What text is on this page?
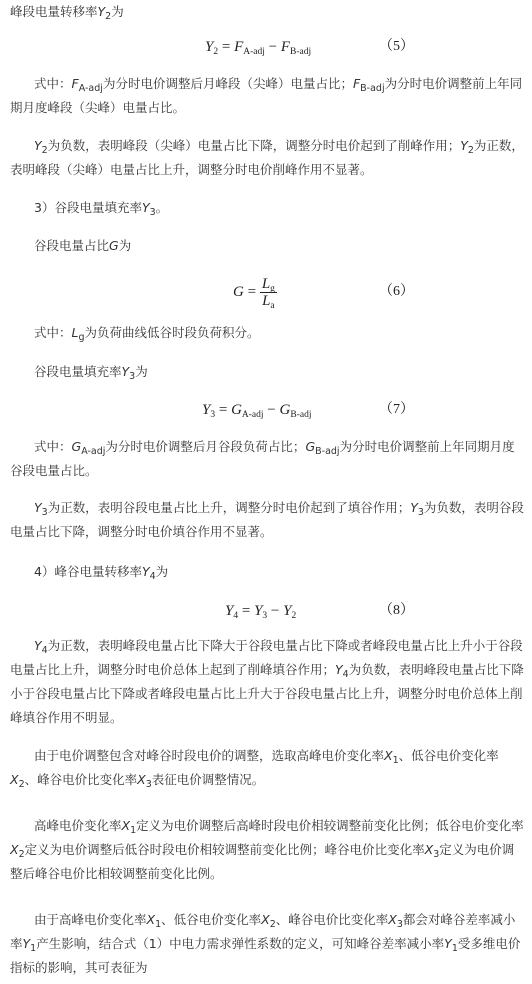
峰段电量转移率$Y_2$为

$Y_2 = F_{A-adj} - F_{B-adj}$	（5）

式中：$F_{A-adj}$为分时电价调整后月峰段（尖峰）电量占比；$F_{B-adj}$为分时电价调整前上年同期月度峰段（尖峰）电量占比。

$Y_2$为负数，表明峰段（尖峰）电量占比下降，调整分时电价起到了削峰作用；$Y_2$为正数，表明峰段（尖峰）电量占比上升，调整分时电价削峰作用不显著。

3）谷段电量填充率$Y_3$。

谷段电量占比G为

$G = \frac{L_g}{L_a}$	（6）

式中：$L_g$为负荷曲线低谷时段负荷积分。

谷段电量填充率$Y_3$为

$Y_3 = G_{A-adj} - G_{B-adj}$	（7）

式中：$G_{A-adj}$为分时电价调整后月谷段负荷占比；$G_{B-adj}$为分时电价调整前上年同期月度谷段电量占比。

$Y_3$为正数，表明谷段电量占比上升，调整分时电价起到了填谷作用；$Y_3$为负数，表明谷段电量占比下降，调整分时电价填谷作用不显著。

4）峰谷电量转移率$Y_4$为

$Y_4 = Y_3 - Y_2$	（8）

$Y_4$为正数，表明峰段电量占比下降大于谷段电量占比下降或者峰段电量占比上升小于谷段电量占比上升，调整分时电价总体上起到了削峰填谷作用；$Y_4$为负数，表明峰段电量占比下降小于谷段电量占比下降或者峰段电量占比上升大于谷段电量占比上升，调整分时电价总体上削峰填谷作用不明显。

由于电价调整包含对峰谷时段电价的调整，选取高峰电价变化率$X_1$、低谷电价变化率$X_2$、峰谷电价比变化率$X_3$表征电价调整情况。

高峰电价变化率$X_1$定义为电价调整后高峰时段电价相较调整前变化比例；低谷电价变化率$X_2$定义为电价调整后低谷时段电价相较调整前变化比例；峰谷电价比变化率$X_3$定义为电价调整后峰谷电价比相较调整前变化比例。

由于高峰电价变化率$X_1$、低谷电价变化率$X_2$、峰谷电价比变化率$X_3$都会对峰谷差率减小率$Y_1$产生影响，结合式（1）中电力需求弹性系数的定义，可知峰谷差率减小率$Y_1$受多维电价指标的影响，其可表征为
